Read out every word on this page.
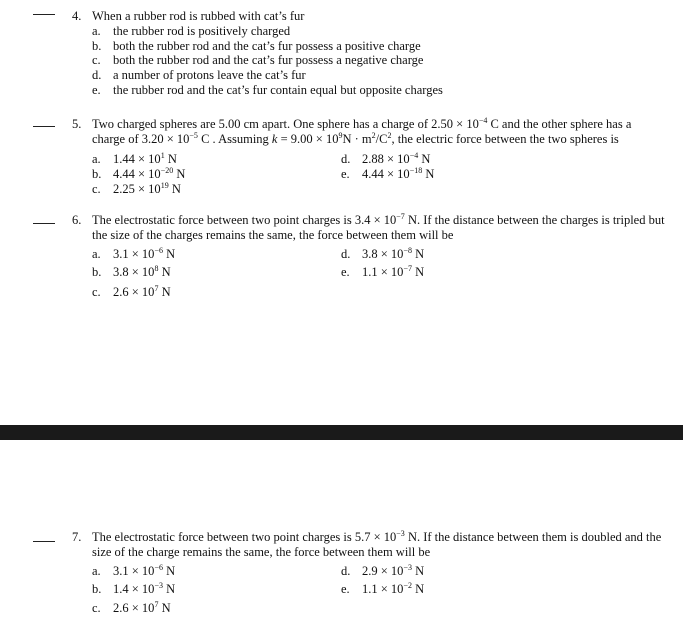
4. When a rubber rod is rubbed with cat’s fur
a. the rubber rod is positively charged
b. both the rubber rod and the cat’s fur possess a positive charge
c. both the rubber rod and the cat’s fur possess a negative charge
d. a number of protons leave the cat’s fur
e. the rubber rod and the cat’s fur contain equal but opposite charges
5. Two charged spheres are 5.00 cm apart. One sphere has a charge of $2.50 \times 10^{-4}$ C and the other sphere has a charge of $3.20 \times 10^{-5}$ C . Assuming $k = 9.00 \times 10^9N \cdot m^2/C^2$, the electric force between the two spheres is
a. $1.44 \times 10^1$ N
b. $4.44 \times 10^{-20}$ N
c. $2.25 \times 10^{19}$ N
d. $2.88 \times 10^{-4}$ N
e. $4.44 \times 10^{-18}$ N
6. The electrostatic force between two point charges is $3.4 \times 10^{-7}$ N. If the distance between the charges is tripled but the size of the charges remains the same, the force between them will be
a. $3.1 \times 10^{-6}$ N
b. $3.8 \times 10^8$ N
c. $2.6 \times 10^7$ N
d. $3.8 \times 10^{-8}$ N
e. $1.1 \times 10^{-7}$ N
7. The electrostatic force between two point charges is $5.7 \times 10^{-3}$ N. If the distance between them is doubled and the size of the charge remains the same, the force between them will be
a. $3.1 \times 10^{-6}$ N
b. $1.4 \times 10^{-3}$ N
c. $2.6 \times 10^7$ N
d. $2.9 \times 10^{-3}$ N
e. $1.1 \times 10^{-2}$ N
